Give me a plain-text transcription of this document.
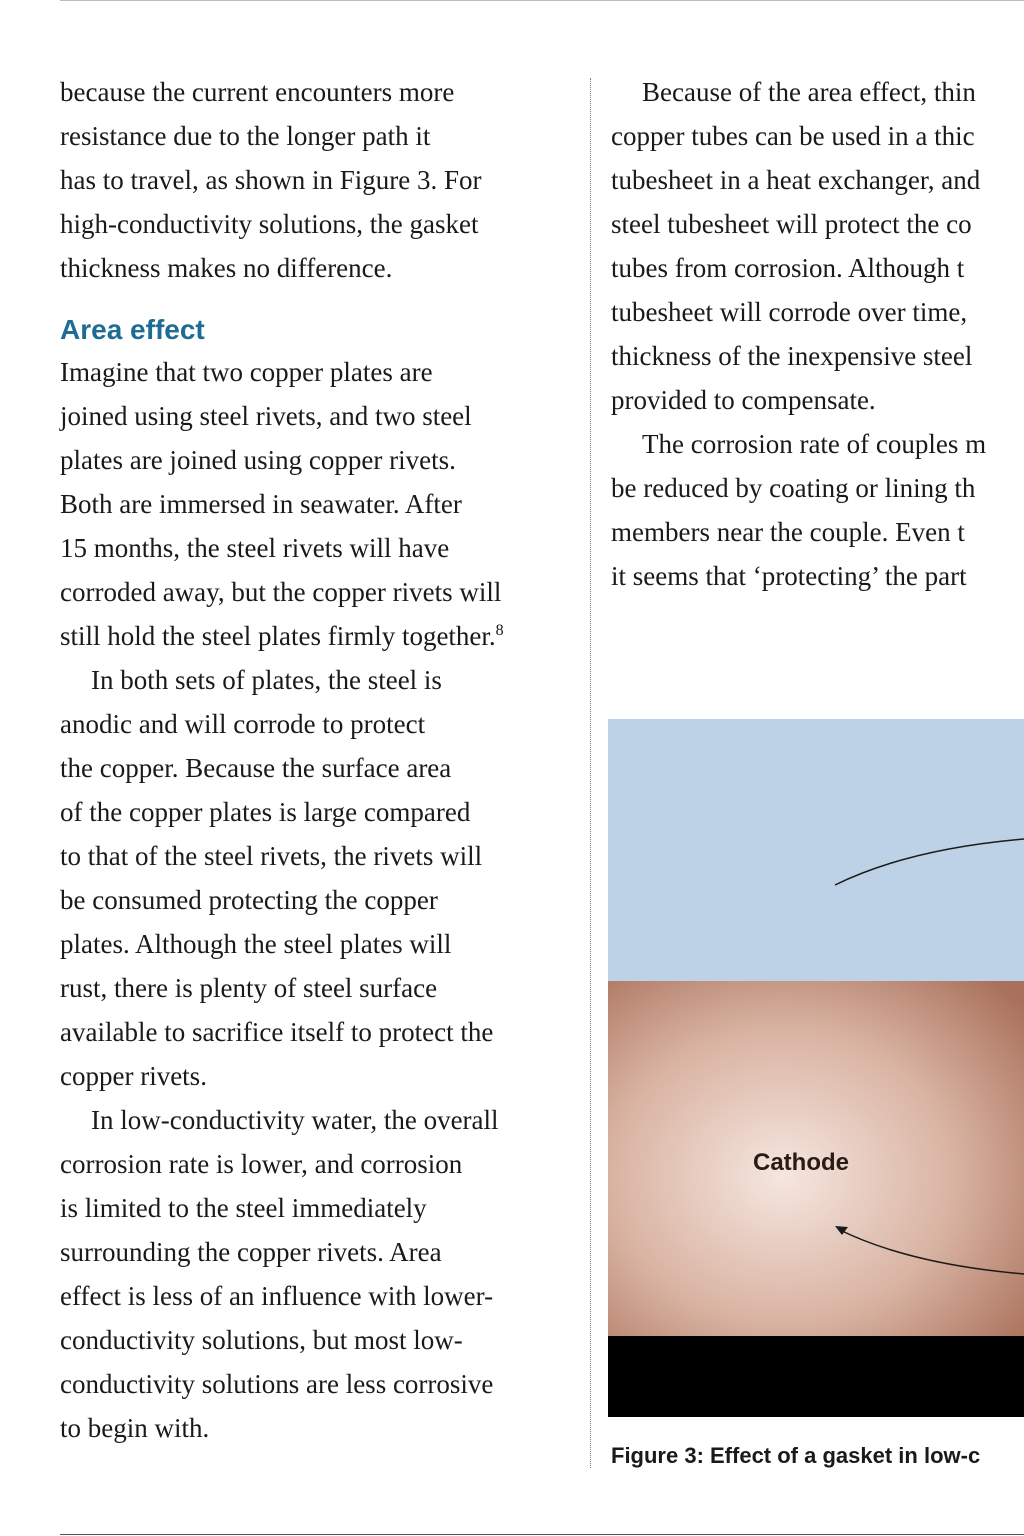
because the current encounters more
resistance due to the longer path it
has to travel, as shown in Figure 3. For
high-conductivity solutions, the gasket
thickness makes no difference.

Area effect

Imagine that two copper plates are
joined using steel rivets, and two steel
plates are joined using copper rivets.
Both are immersed in seawater. After
15 months, the steel rivets will have
corroded away, but the copper rivets will
still hold the steel plates firmly together.$^8$

In both sets of plates, the steel is
anodic and will corrode to protect
the copper. Because the surface area
of the copper plates is large compared
to that of the steel rivets, the rivets will
be consumed protecting the copper
plates. Although the steel plates will
rust, there is plenty of steel surface
available to sacrifice itself to protect the
copper rivets.

In low-conductivity water, the overall
corrosion rate is lower, and corrosion
is limited to the steel immediately
surrounding the copper rivets. Area
effect is less of an influence with lower-
conductivity solutions, but most low-
conductivity solutions are less corrosive
to begin with.

Because of the area effect, thin
copper tubes can be used in a thic
tubesheet in a heat exchanger, and
steel tubesheet will protect the co
tubes from corrosion. Although t
tubesheet will corrode over time,
thickness of the inexpensive steel
provided to compensate.

The corrosion rate of couples m
be reduced by coating or lining th
members near the couple. Even t
it seems that ‘protecting’ the part

Cathode
Figure 3: Effect of a gasket in low-c
